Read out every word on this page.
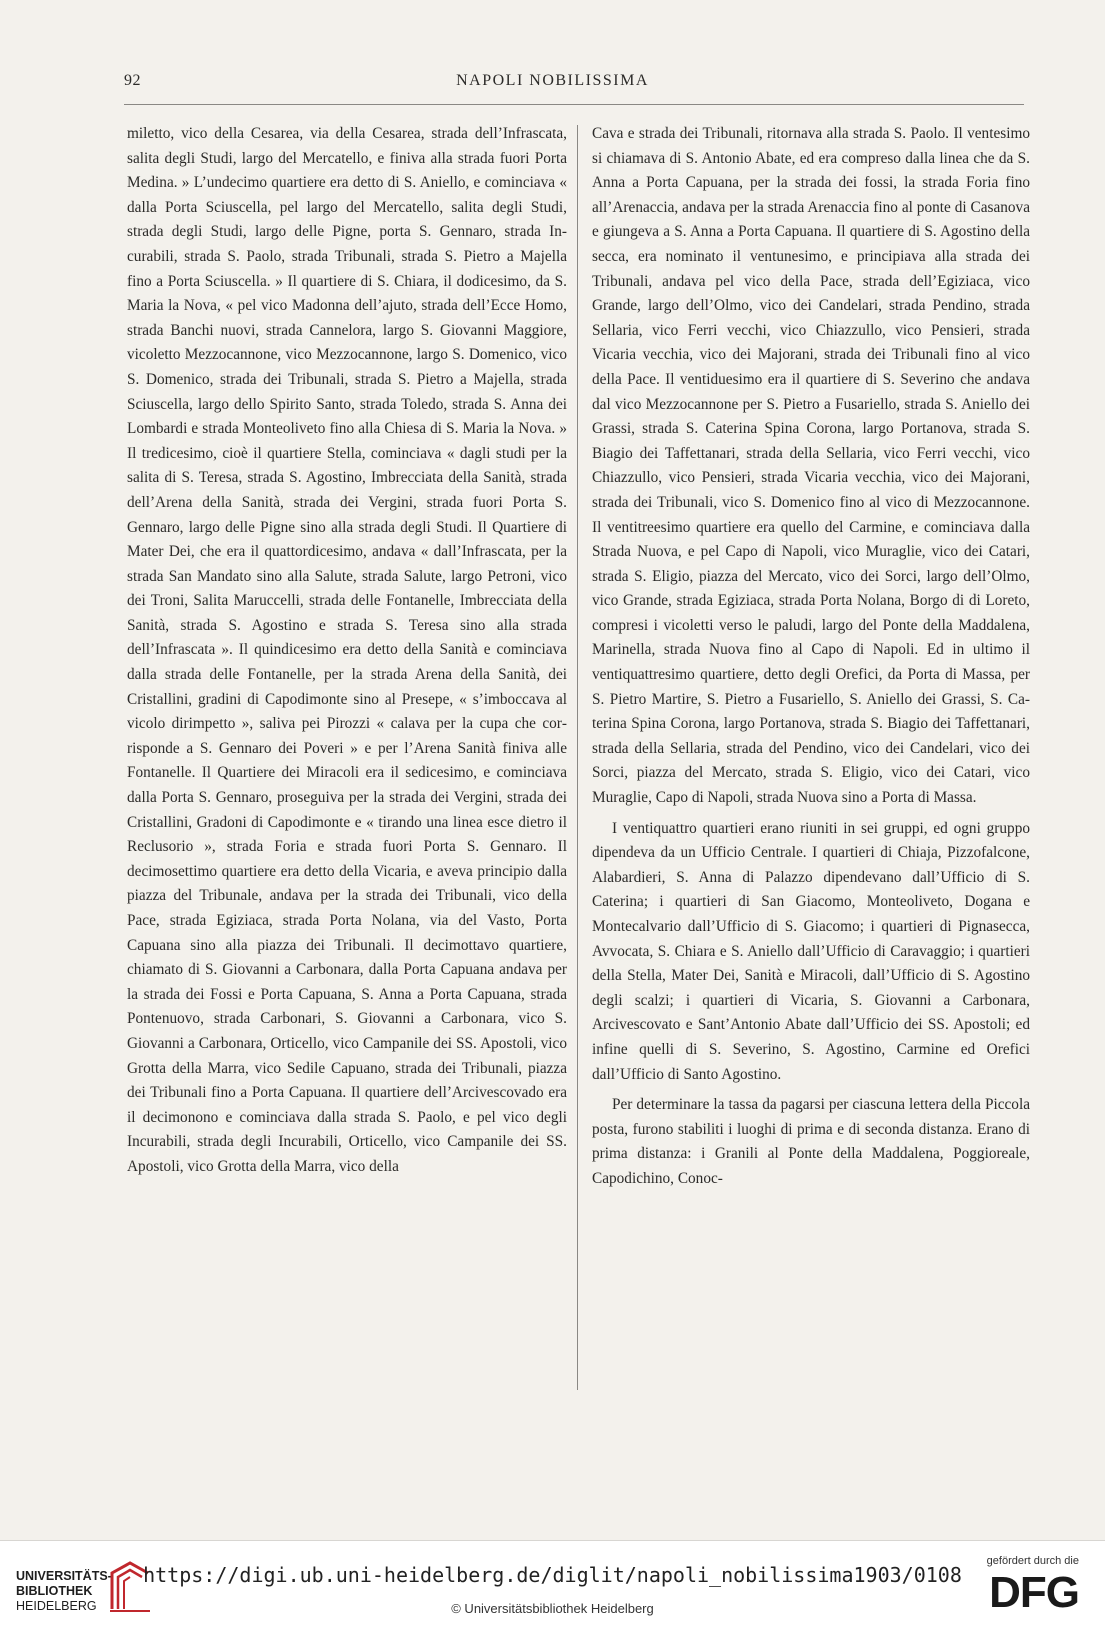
92	NAPOLI NOBILISSIMA

miletto, vico della Cesarea, via della Cesarea, strada dell’Infrascata, salita degli Studi, largo del Mercatello, e finiva alla strada fuori Porta Medina. » L’undecimo quartiere era detto di S. Aniello, e cominciava « dalla Porta Sciuscella, pel largo del Mercatello, salita degli Studi, strada degli Studi, largo delle Pigne, porta S. Gennaro, strada Incurabili, strada S. Paolo, strada Tribunali, strada S. Pietro a Majella fino a Porta Sciuscella. » Il quartiere di S. Chiara, il dodicesimo, da S. Maria la Nova, « pel vico Madonna dell’ajuto, strada dell’Ecce Homo, strada Banchi nuovi, strada Cannelora, largo S. Giovanni Maggiore, vicoletto Mezzocannone, vico Mezzocannone, largo S. Domenico, vico S. Domenico, strada dei Tribunali, strada S. Pietro a Majella, strada Sciuscella, largo dello Spirito Santo, strada Toledo, strada S. Anna dei Lombardi e strada Monteoliveto fino alla Chiesa di S. Maria la Nova. » Il tredicesimo, cioè il quartiere Stella, cominciava « dagli studi per la salita di S. Teresa, strada S. Agostino, Imbrecciata della Sanità, strada dell’Arena della Sanità, strada dei Vergini, strada fuori Porta S. Gennaro, largo delle Pigne sino alla strada degli Studi. Il Quartiere di Mater Dei, che era il quattordicesimo, andava « dall’Infrascata, per la strada San Mandato sino alla Salute, strada Salute, largo Petroni, vico dei Troni, Salita Maruccelli, strada delle Fontanelle, Imbrecciata della Sanità, strada S. Agostino e strada S. Teresa sino alla strada dell’Infrascata ». Il quindicesimo era detto della Sanità e cominciava dalla strada delle Fontanelle, per la strada Arena della Sanità, dei Cristallini, gradini di Capodimonte sino al Presepe, « s’imboccava al vicolo dirimpetto », saliva pei Pirozzi « calava per la cupa che corrisponde a S. Gennaro dei Poveri » e per l’Arena Sanità finiva alle Fontanelle. Il Quartiere dei Miracoli era il sedicesimo, e cominciava dalla Porta S. Gennaro, proseguiva per la strada dei Vergini, strada dei Cristallini, Gradoni di Capodimonte e « tirando una linea esce dietro il Reclusorio », strada Foria e strada fuori Porta S. Gennaro. Il decimosettimo quartiere era detto della Vicaria, e aveva principio dalla piazza del Tribunale, andava per la strada dei Tribunali, vico della Pace, strada Egiziaca, strada Porta Nolana, via del Vasto, Porta Capuana sino alla piazza dei Tribunali. Il decimottavo quartiere, chiamato di S. Giovanni a Carbonara, dalla Porta Capuana andava per la strada dei Fossi e Porta Capuana, S. Anna a Porta Capuana, strada Pontenuovo, strada Carbonari, S. Giovanni a Carbonara, vico S. Giovanni a Carbonara, Orticello, vico Campanile dei SS. Apostoli, vico Grotta della Marra, vico Sedile Capuano, strada dei Tribunali, piazza dei Tribunali fino a Porta Capuana. Il quartiere dell’Arcivescovado era il decimonono e cominciava dalla strada S. Paolo, e pel vico degli Incurabili, strada degli Incurabili, Orticello, vico Campanile dei SS. Apostoli, vico Grotta della Marra, vico della

Cava e strada dei Tribunali, ritornava alla strada S. Paolo. Il ventesimo si chiamava di S. Antonio Abate, ed era compreso dalla linea che da S. Anna a Porta Capuana, per la strada dei fossi, la strada Foria fino all’Arenaccia, andava per la strada Arenaccia fino al ponte di Casanova e giungeva a S. Anna a Porta Capuana. Il quartiere di S. Agostino della secca, era nominato il ventunesimo, e principiava alla strada dei Tribunali, andava pel vico della Pace, strada dell’Egiziaca, vico Grande, largo dell’Olmo, vico dei Candelari, strada Pendino, strada Sellaria, vico Ferri vecchi, vico Chiazzullo, vico Pensieri, strada Vicaria vecchia, vico dei Majorani, strada dei Tribunali fino al vico della Pace. Il ventiduesimo era il quartiere di S. Severino che andava dal vico Mezzocannone per S. Pietro a Fusariello, strada S. Aniello dei Grassi, strada S. Caterina Spina Corona, largo Portanova, strada S. Biagio dei Taffettanari, strada della Sellaria, vico Ferri vecchi, vico Chiazzullo, vico Pensieri, strada Vicaria vecchia, vico dei Majorani, strada dei Tribunali, vico S. Domenico fino al vico di Mezzocannone. Il ventitreesimo quartiere era quello del Carmine, e cominciava dalla Strada Nuova, e pel Capo di Napoli, vico Muraglie, vico dei Catari, strada S. Eligio, piazza del Mercato, vico dei Sorci, largo dell’Olmo, vico Grande, strada Egiziaca, strada Porta Nolana, Borgo di di Loreto, compresi i vicoletti verso le paludi, largo del Ponte della Maddalena, Marinella, strada Nuova fino al Capo di Napoli. Ed in ultimo il ventiquattresimo quartiere, detto degli Orefici, da Porta di Massa, per S. Pietro Martire, S. Pietro a Fusariello, S. Aniello dei Grassi, S. Caterina Spina Corona, largo Portanova, strada S. Biagio dei Taffettanari, strada della Sellaria, strada del Pendino, vico dei Candelari, vico dei Sorci, piazza del Mercato, strada S. Eligio, vico dei Catari, vico Muraglie, Capo di Napoli, strada Nuova sino a Porta di Massa.

I ventiquattro quartieri erano riuniti in sei gruppi, ed ogni gruppo dipendeva da un Ufficio Centrale. I quartieri di Chiaja, Pizzofalcone, Alabardieri, S. Anna di Palazzo dipendevano dall’Ufficio di S. Caterina; i quartieri di San Giacomo, Monteoliveto, Dogana e Montecalvario dall’Ufficio di S. Giacomo; i quartieri di Pignasecca, Avvocata, S. Chiara e S. Aniello dall’Ufficio di Caravaggio; i quartieri della Stella, Mater Dei, Sanità e Miracoli, dall’Ufficio di S. Agostino degli scalzi; i quartieri di Vicaria, S. Giovanni a Carbonara, Arcivescovato e Sant’Antonio Abate dall’Ufficio dei SS. Apostoli; ed infine quelli di S. Severino, S. Agostino, Carmine ed Orefici dall’Ufficio di Santo Agostino.

Per determinare la tassa da pagarsi per ciascuna lettera della Piccola posta, furono stabiliti i luoghi di prima e di seconda distanza. Erano di prima distanza: i Granili al Ponte della Maddalena, Poggioreale, Capodichino, Conoc-

UNIVERSITÄTS-
BIBLIOTHEK
HEIDELBERG
https://digi.ub.uni-heidelberg.de/diglit/napoli_nobilissima1903/0108
© Universitätsbibliothek Heidelberg
gefördert durch die
DFG
